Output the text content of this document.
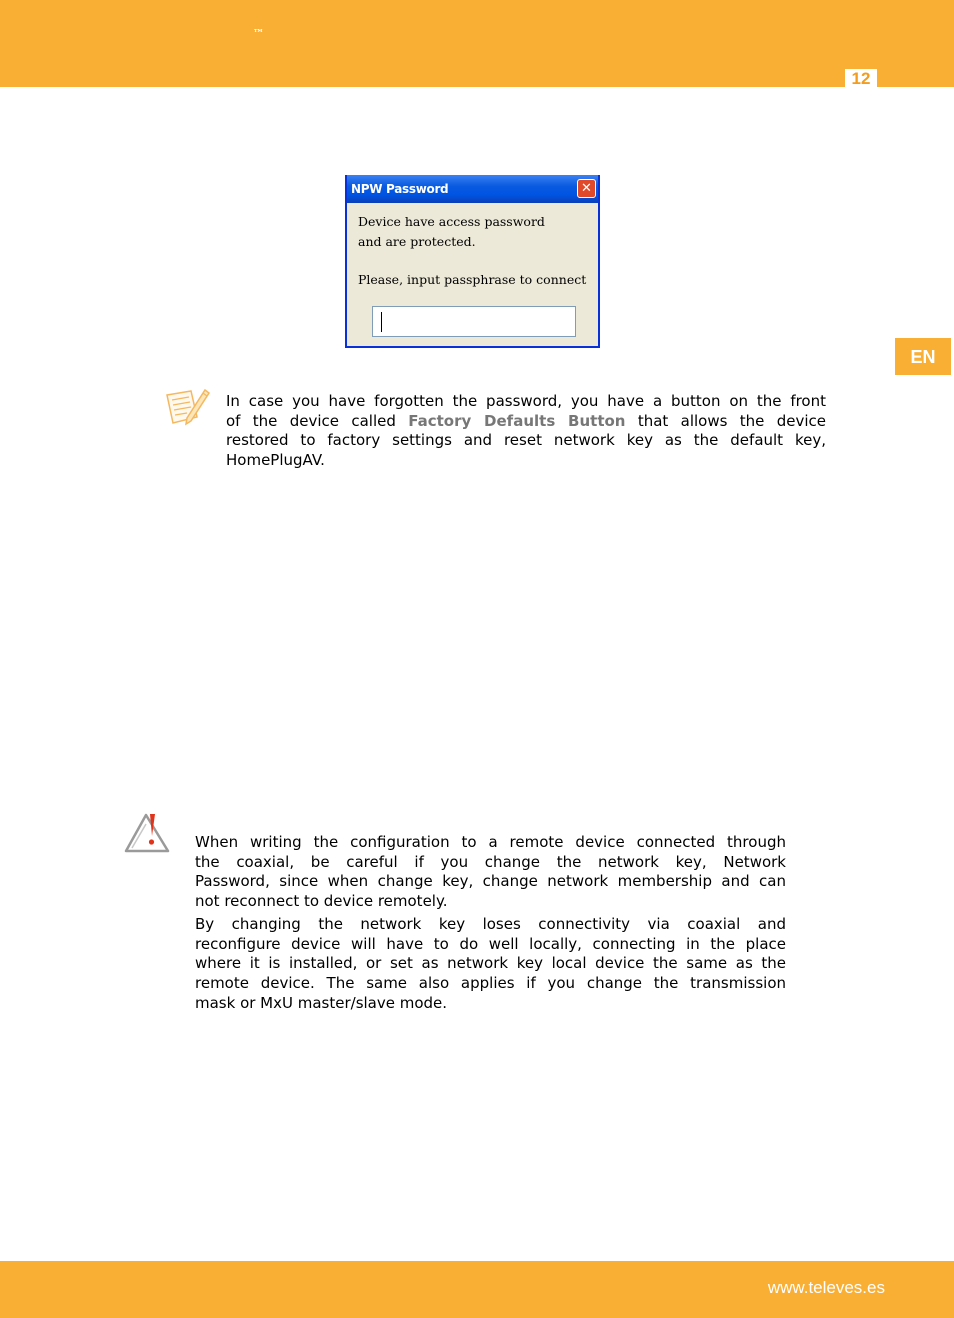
™
12
EN
NPW Password	✕
Device have access password
and are protected.
Please, input passphrase to connect
In case you have forgotten the password, you have a button on the front
of the device called Factory Defaults Button that allows the device
restored to factory settings and reset network key as the default key,
HomePlugAV.
When writing the configuration to a remote device connected through
the coaxial, be careful if you change the network key, Network
Password, since when change key, change network membership and can
not reconnect to device remotely.
By changing the network key loses connectivity via coaxial and
reconfigure device will have to do well locally, connecting in the place
where it is installed, or set as network key local device the same as the
remote device. The same also applies if you change the transmission
mask or MxU master/slave mode.
www.televes.es
